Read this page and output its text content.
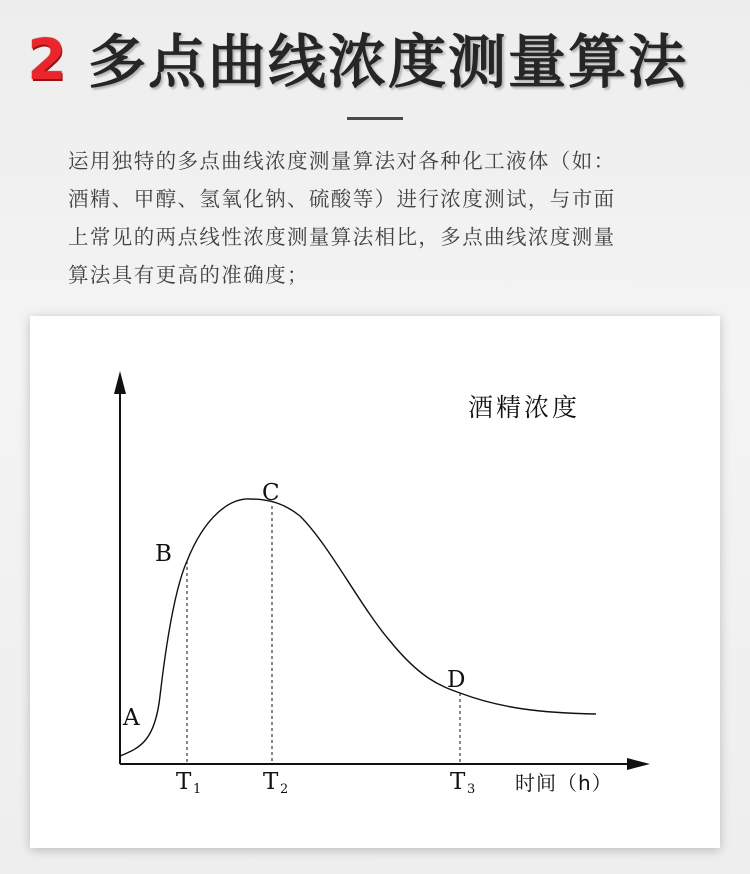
2 多点曲线浓度测量算法

运用独特的多点曲线浓度测量算法对各种化工液体（如：

酒精、甲醇、氢氧化钠、硫酸等）进行浓度测试，与市面

上常见的两点线性浓度测量算法相比，多点曲线浓度测量

算法具有更高的准确度；

A
B
C
D
T 1	T 2	T 3
酒精浓度
时间（h）
